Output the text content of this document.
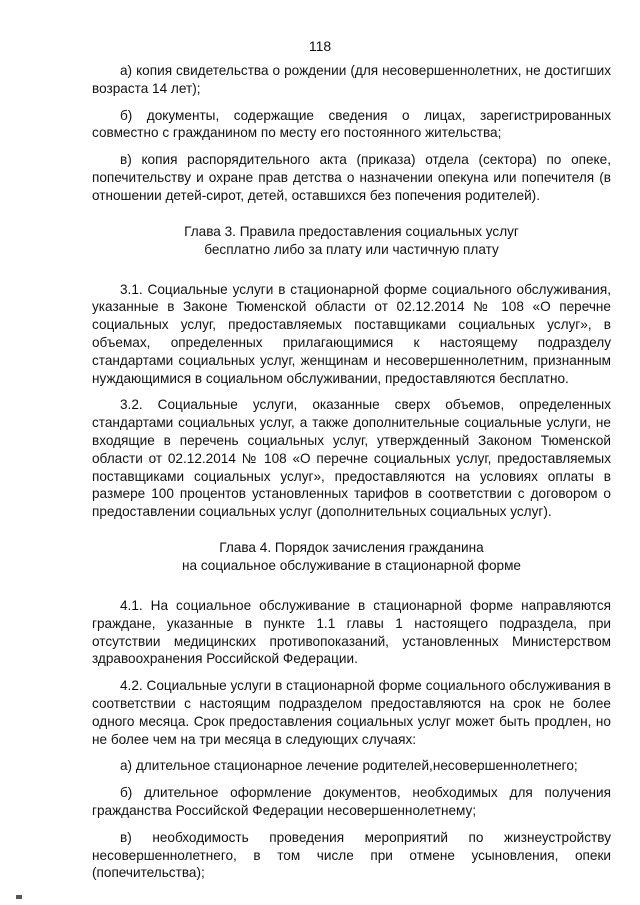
118

а) копия свидетельства о рождении (для несовершеннолетних, не достигших возраста 14 лет);

б) документы, содержащие сведения о лицах, зарегистрированных совместно с гражданином по месту его постоянного жительства;

в) копия распорядительного акта (приказа) отдела (сектора) по опеке, попечительству и охране прав детства о назначении опекуна или попечителя (в отношении детей-сирот, детей, оставшихся без попечения родителей).

Глава 3. Правила предоставления социальных услуг
бесплатно либо за плату или частичную плату

3.1. Социальные услуги в стационарной форме социального обслуживания, указанные в Законе Тюменской области от 02.12.2014 № 108 «О перечне социальных услуг, предоставляемых поставщиками социальных услуг», в объемах, определенных прилагающимися к настоящему подразделу стандартами социальных услуг, женщинам и несовершеннолетним, признанным нуждающимися в социальном обслуживании, предоставляются бесплатно.

3.2. Социальные услуги, оказанные сверх объемов, определенных стандартами социальных услуг, а также дополнительные социальные услуги, не входящие в перечень социальных услуг, утвержденный Законом Тюменской области от 02.12.2014 № 108 «О перечне социальных услуг, предоставляемых поставщиками социальных услуг», предоставляются на условиях оплаты в размере 100 процентов установленных тарифов в соответствии с договором о предоставлении социальных услуг (дополнительных социальных услуг).

Глава 4. Порядок зачисления гражданина
на социальное обслуживание в стационарной форме

4.1. На социальное обслуживание в стационарной форме направляются граждане, указанные в пункте 1.1 главы 1 настоящего подраздела, при отсутствии медицинских противопоказаний, установленных Министерством здравоохранения Российской Федерации.

4.2. Социальные услуги в стационарной форме социального обслуживания в соответствии с настоящим подразделом предоставляются на срок не более одного месяца. Срок предоставления социальных услуг может быть продлен, но не более чем на три месяца в следующих случаях:

а) длительное стационарное лечение родителей,несовершеннолетнего;

б) длительное оформление документов, необходимых для получения гражданства Российской Федерации несовершеннолетнему;

в) необходимость проведения мероприятий по жизнеустройству несовершеннолетнего, в том числе при отмене усыновления, опеки (попечительства);
